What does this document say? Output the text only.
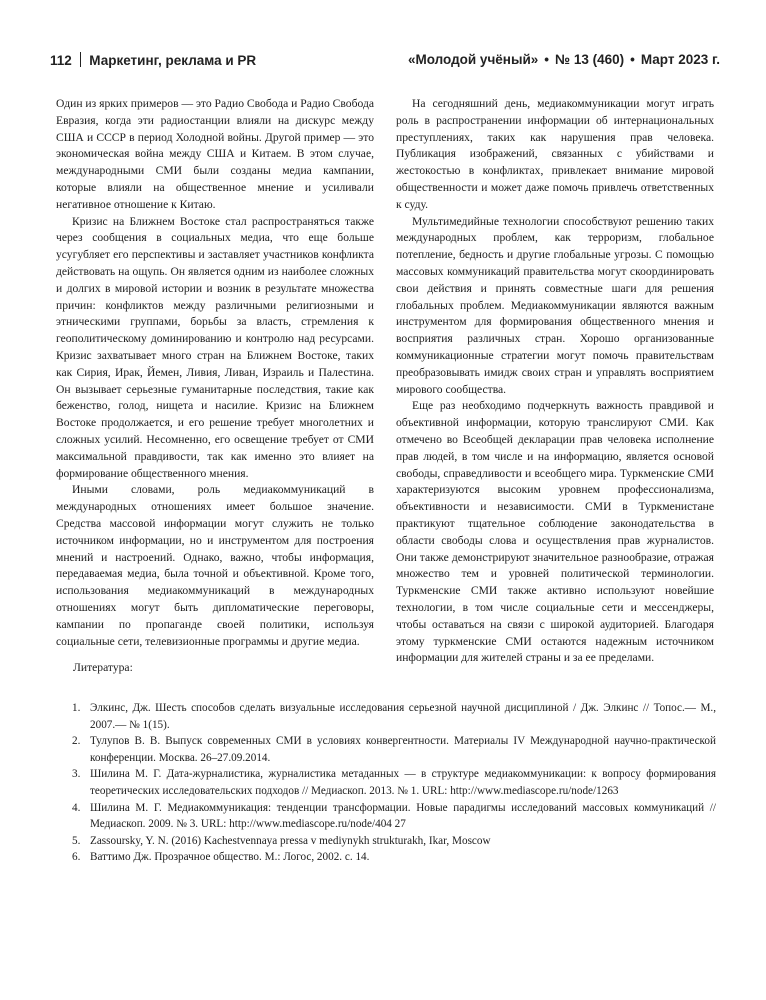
112 Маркетинг, реклама и PR	«Молодой учёный» • № 13 (460) • Март 2023 г.

Один из ярких примеров — это Радио Свобода и Радио Свобода Евразия, когда эти радиостанции влияли на дискурс между США и СССР в период Холодной войны. Другой пример — это экономическая война между США и Китаем. В этом случае, международными СМИ были созданы медиа кампании, которые влияли на общественное мнение и усиливали негативное отношение к Китаю.

Кризис на Ближнем Востоке стал распространяться также через сообщения в социальных медиа, что еще больше усугубляет его перспективы и заставляет участников конфликта действовать на ощупь. Он является одним из наиболее сложных и долгих в мировой истории и возник в результате множества причин: конфликтов между различными религиозными и этническими группами, борьбы за власть, стремления к геополитическому доминированию и контролю над ресурсами. Кризис захватывает много стран на Ближнем Востоке, таких как Сирия, Ирак, Йемен, Ливия, Ливан, Израиль и Палестина. Он вызывает серьезные гуманитарные последствия, такие как беженство, голод, нищета и насилие. Кризис на Ближнем Востоке продолжается, и его решение требует многолетних и сложных усилий. Несомненно, его освещение требует от СМИ максимальной правдивости, так как именно это влияет на формирование общественного мнения.

Иными словами, роль медиакоммуникаций в международных отношениях имеет большое значение. Средства массовой информации могут служить не только источником информации, но и инструментом для построения мнений и настроений. Однако, важно, чтобы информация, передаваемая медиа, была точной и объективной. Кроме того, использования медиакоммуникаций в международных отношениях могут быть дипломатические переговоры, кампании по пропаганде своей политики, используя социальные сети, телевизионные программы и другие медиа.

На сегодняшний день, медиакоммуникации могут играть роль в распространении информации об интернациональных преступлениях, таких как нарушения прав человека. Публикация изображений, связанных с убийствами и жестокостью в конфликтах, привлекает внимание мировой общественности и может даже помочь привлечь ответственных к суду.

Мультимедийные технологии способствуют решению таких международных проблем, как терроризм, глобальное потепление, бедность и другие глобальные угрозы. С помощью массовых коммуникаций правительства могут скоординировать свои действия и принять совместные шаги для решения глобальных проблем. Медиакоммуникации являются важным инструментом для формирования общественного мнения и восприятия различных стран. Хорошо организованные коммуникационные стратегии могут помочь правительствам преобразовывать имидж своих стран и управлять восприятием мирового сообщества.

Еще раз необходимо подчеркнуть важность правдивой и объективной информации, которую транслируют СМИ. Как отмечено во Всеобщей декларации прав человека исполнение прав людей, в том числе и на информацию, является основой свободы, справедливости и всеобщего мира. Туркменские СМИ характеризуются высоким уровнем профессионализма, объективности и независимости. СМИ в Туркменистане практикуют тщательное соблюдение законодательства в области свободы слова и осуществления прав журналистов. Они также демонстрируют значительное разнообразие, отражая множество тем и уровней политической терминологии. Туркменские СМИ также активно используют новейшие технологии, в том числе социальные сети и мессенджеры, чтобы оставаться на связи с широкой аудиторией. Благодаря этому туркменские СМИ остаются надежным источником информации для жителей страны и за ее пределами.

Литература:
1. Элкинс, Дж. Шесть способов сделать визуальные исследования серьезной научной дисциплиной / Дж. Элкинс // Топос.— М., 2007.— № 1(15).
2. Тулупов В. В. Выпуск современных СМИ в условиях конвергентности. Материалы IV Международной научно-практической конференции. Москва. 26–27.09.2014.
3. Шилина М. Г. Дата-журналистика, журналистика метаданных — в структуре медиакоммуникации: к вопросу формирования теоретических исследовательских подходов // Медиаскоп. 2013. № 1. URL: http://www.mediascope.ru/node/1263
4. Шилина М. Г. Медиакоммуникация: тенденции трансформации. Новые парадигмы исследований массовых коммуникаций // Медиаскоп. 2009. № 3. URL: http://www.mediascope.ru/node/404 27
5. Zassoursky, Y. N. (2016) Kachestvennaya pressa v mediynykh strukturakh, Ikar, Moscow
6. Ваттимо Дж. Прозрачное общество. М.: Логос, 2002. с. 14.
